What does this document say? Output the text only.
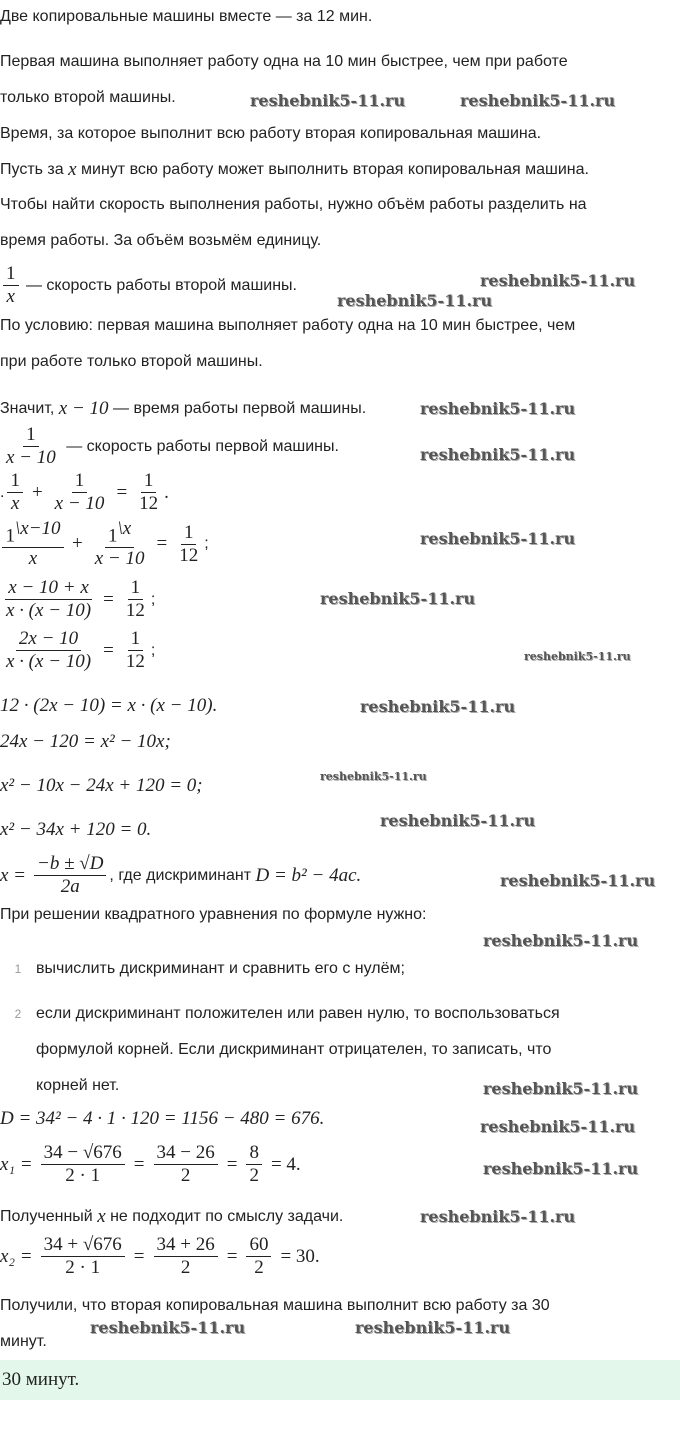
Две копировальные машины вместе — за 12 мин.
Первая машина выполняет работу одна на 10 мин быстрее, чем при работе
только второй машины.
Время, за которое выполнит всю работу вторая копировальная машина.
Пусть за
x
минут всю работу может выполнить вторая копировальная машина.
Чтобы найти скорость выполнения работы, нужно объём работы разделить на
время работы. За объём возьмём единицу.
$\frac{1}{x}$
— скорость работы второй машины.
По условию: первая машина выполняет работу одна на 10 мин быстрее, чем
при работе только второй машины.
Значит,
x − 10
— время работы первой машины.
$\frac{1}{x - 10}$
— скорость работы первой машины.
. $\frac{1}{x} + \frac{1}{x - 10} = \frac{1}{12}$ .
$\frac{1^{\backslash x-10}}{x} + \frac{1^{\backslash x}}{x - 10} = \frac{1}{12}$ ;
$\frac{x - 10 + x}{x \cdot (x - 10)} = \frac{1}{12}$ ;
$\frac{2x - 10}{x \cdot (x - 10)} = \frac{1}{12}$ ;
12 · (2x − 10) = x · (x − 10).
24x − 120 = x² − 10x;
x² − 10x − 24x + 120 = 0;
x² − 34x + 120 = 0.
$x = \frac{-b \pm √D}{2a}$ , где дискриминант
D = b² − 4ac.
При решении квадратного уравнения по формуле нужно:
1 вычислить дискриминант и сравнить его с нулём;
2 если дискриминант положителен или равен нулю, то воспользоваться
формулой корней. Если дискриминант отрицателен, то записать, что
корней нет.
D = 34² − 4 · 1 · 120 = 1156 − 480 = 676.
$x_1 = \frac{34 - √676}{2 \cdot 1} = \frac{34 - 26}{2} = \frac{8}{2} = 4$.
Полученный
x
не подходит по смыслу задачи.
$x_2 = \frac{34 + √676}{2 \cdot 1} = \frac{34 + 26}{2} = \frac{60}{2} = 30$.
Получили, что вторая копировальная машина выполнит всю работу за 30
минут.
30 минут.
reshebnik5-11.ru	reshebnik5-11.ru
reshebnik5-11.ru
reshebnik5-11.ru
reshebnik5-11.ru
reshebnik5-11.ru
reshebnik5-11.ru
reshebnik5-11.ru
reshebnik5-11.ru
reshebnik5-11.ru
reshebnik5-11.ru
reshebnik5-11.ru
reshebnik5-11.ru
reshebnik5-11.ru
reshebnik5-11.ru
reshebnik5-11.ru
reshebnik5-11.ru
reshebnik5-11.ru
reshebnik5-11.ru	reshebnik5-11.ru
